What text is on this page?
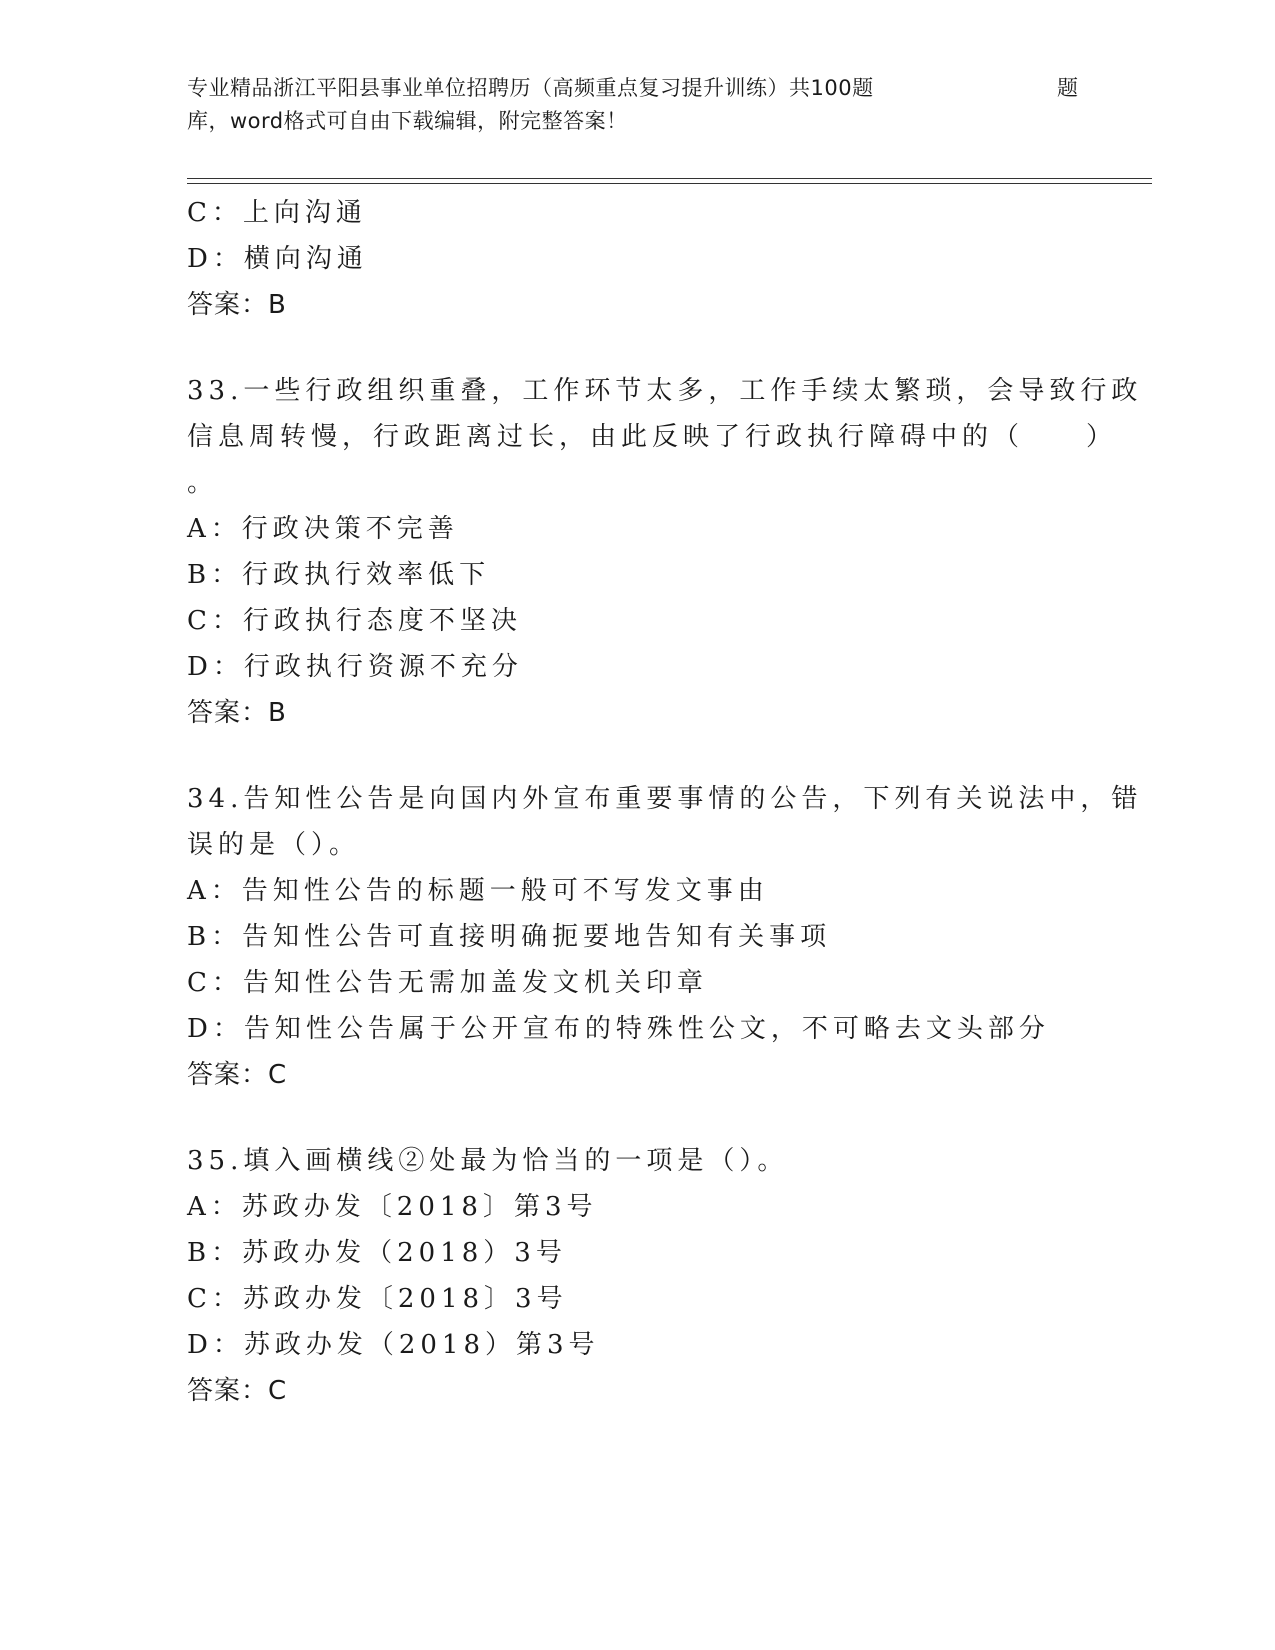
专业精品浙江平阳县事业单位招聘历（高频重点复习提升训练）共100题	题
库，word格式可自由下载编辑，附完整答案！
C：上向沟通
D：横向沟通
答案：B
33.一些行政组织重叠，工作环节太多，工作手续太繁琐，会导致行政
信息周转慢，行政距离过长，由此反映了行政执行障碍中的（　　）
。
A：行政决策不完善
B：行政执行效率低下
C：行政执行态度不坚决
D：行政执行资源不充分
答案：B
34.告知性公告是向国内外宣布重要事情的公告，下列有关说法中，错
误的是（）。
A：告知性公告的标题一般可不写发文事由
B：告知性公告可直接明确扼要地告知有关事项
C：告知性公告无需加盖发文机关印章
D：告知性公告属于公开宣布的特殊性公文，不可略去文头部分
答案：C
35.填入画横线②处最为恰当的一项是（）。
A：苏政办发〔2018〕第3号
B：苏政办发（2018）3号
C：苏政办发〔2018〕3号
D：苏政办发（2018）第3号
答案：C
